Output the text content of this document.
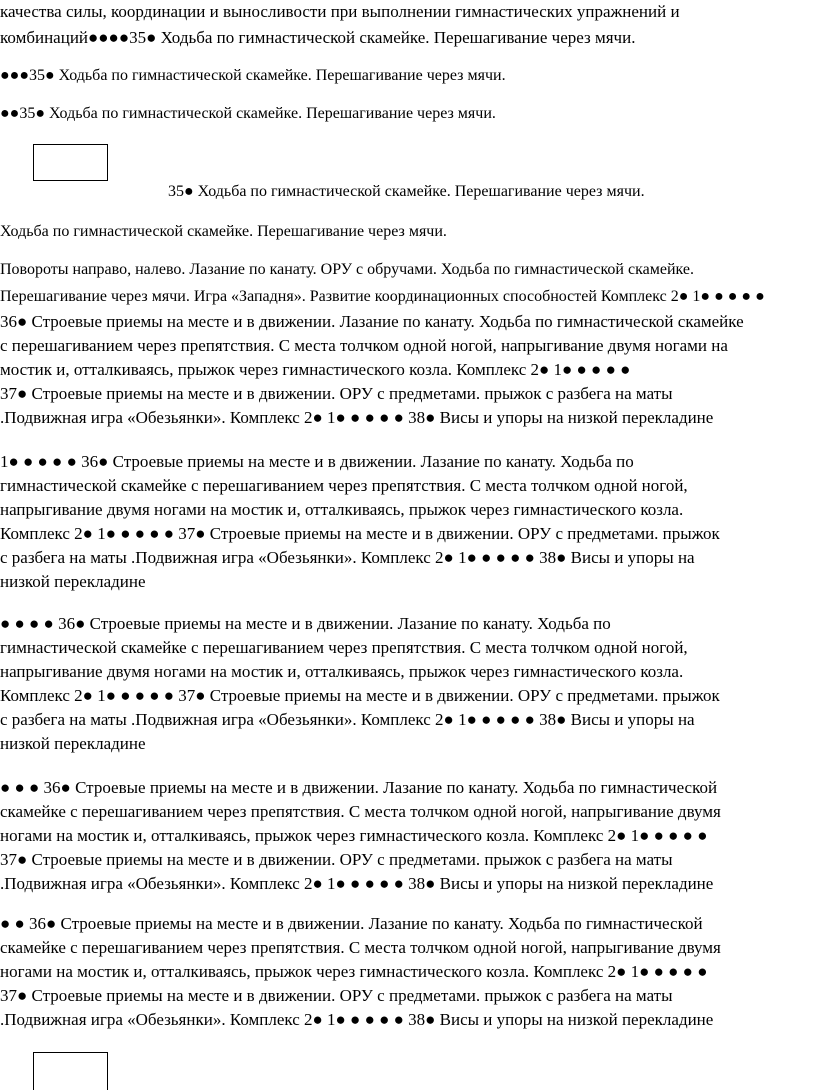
качества силы, координации и выносливости при выполнении гимнастических упражнений и

комбинаций●●●●35● Ходьба по гимнастической скамейке. Перешагивание через мячи.

●●●35● Ходьба по гимнастической скамейке. Перешагивание через мячи.

●●35● Ходьба по гимнастической скамейке. Перешагивание через мячи.

35● Ходьба по гимнастической скамейке. Перешагивание через мячи.

Ходьба по гимнастической скамейке. Перешагивание через мячи.

Повороты направо, налево. Лазание по канату. ОРУ с обручами. Ходьба по гимнастической скамейке.

Перешагивание через мячи. Игра «Западня». Развитие координационных способностей Комплекс 2● 1● ● ● ● ●

36● Строевые приемы на месте и в движении. Лазание по канату. Ходьба по гимнастической скамейке

с перешагиванием через препятствия. С места толчком одной ногой, напрыгивание двумя ногами на

мостик и, отталкиваясь, прыжок через гимнастического козла. Комплекс 2● 1● ● ● ● ●

37● Строевые приемы на месте и в движении. ОРУ с предметами. прыжок с разбега на маты

.Подвижная игра «Обезьянки». Комплекс 2● 1● ● ● ● ● 38● Висы и упоры на низкой перекладине

1● ● ● ● ● 36● Строевые приемы на месте и в движении. Лазание по канату. Ходьба по

гимнастической скамейке с перешагиванием через препятствия. С места толчком одной ногой,

напрыгивание двумя ногами на мостик и, отталкиваясь, прыжок через гимнастического козла.

Комплекс 2● 1● ● ● ● ● 37● Строевые приемы на месте и в движении. ОРУ с предметами. прыжок

с разбега на маты .Подвижная игра «Обезьянки». Комплекс 2● 1● ● ● ● ● 38● Висы и упоры на

низкой перекладине

● ● ● ● 36● Строевые приемы на месте и в движении. Лазание по канату. Ходьба по

гимнастической скамейке с перешагиванием через препятствия. С места толчком одной ногой,

напрыгивание двумя ногами на мостик и, отталкиваясь, прыжок через гимнастического козла.

Комплекс 2● 1● ● ● ● ● 37● Строевые приемы на месте и в движении. ОРУ с предметами. прыжок

с разбега на маты .Подвижная игра «Обезьянки». Комплекс 2● 1● ● ● ● ● 38● Висы и упоры на

низкой перекладине

● ● ● 36● Строевые приемы на месте и в движении. Лазание по канату. Ходьба по гимнастической

скамейке с перешагиванием через препятствия. С места толчком одной ногой, напрыгивание двумя

ногами на мостик и, отталкиваясь, прыжок через гимнастического козла. Комплекс 2● 1● ● ● ● ●

37● Строевые приемы на месте и в движении. ОРУ с предметами. прыжок с разбега на маты

.Подвижная игра «Обезьянки». Комплекс 2● 1● ● ● ● ● 38● Висы и упоры на низкой перекладине

● ● 36● Строевые приемы на месте и в движении. Лазание по канату. Ходьба по гимнастической

скамейке с перешагиванием через препятствия. С места толчком одной ногой, напрыгивание двумя

ногами на мостик и, отталкиваясь, прыжок через гимнастического козла. Комплекс 2● 1● ● ● ● ●

37● Строевые приемы на месте и в движении. ОРУ с предметами. прыжок с разбега на маты

.Подвижная игра «Обезьянки». Комплекс 2● 1● ● ● ● ● 38● Висы и упоры на низкой перекладине
